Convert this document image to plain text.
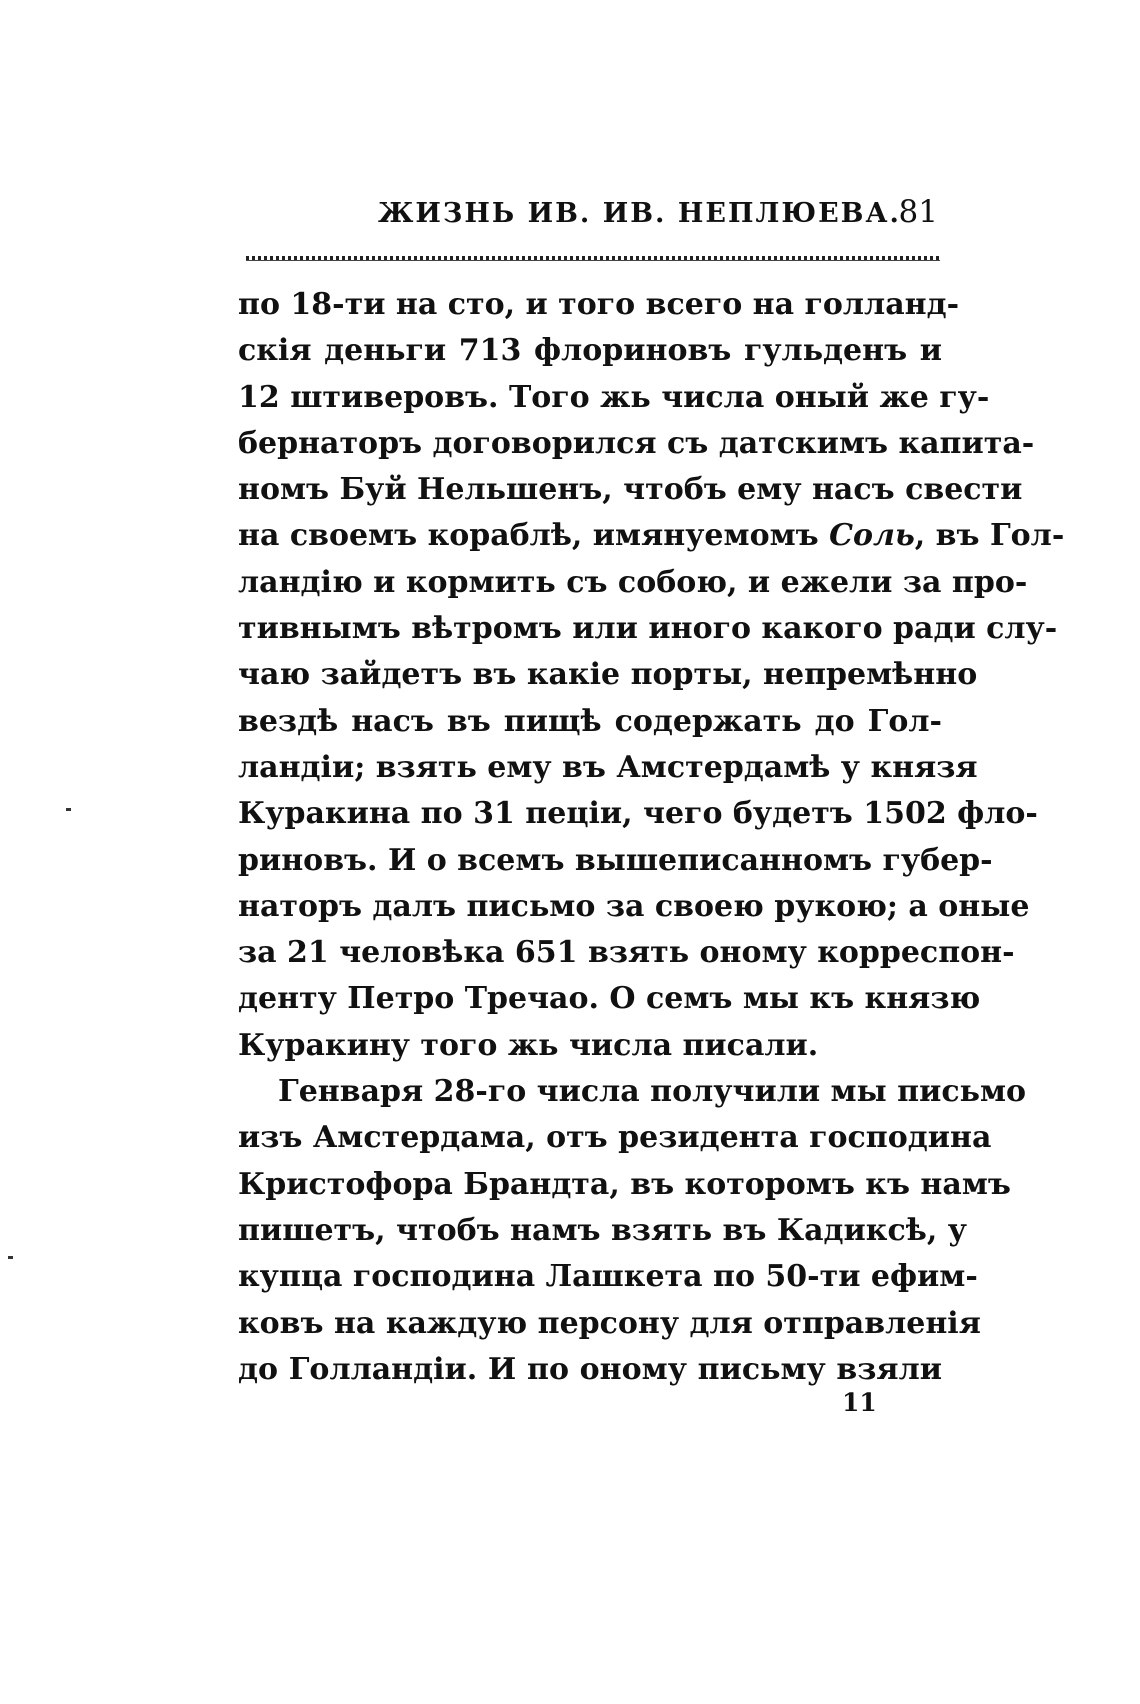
ЖИЗНЬ ИВ. ИВ. НЕПЛЮЕВА.
81
по 18-ти на сто, и того всего на голланд-
скія деньги 713 флориновъ гульденъ и
12 штиверовъ. Того жь числа оный же гу-
бернаторъ договорился съ датскимъ капита-
номъ Буй Нельшенъ, чтобъ ему насъ свести
на своемъ кораблѣ, имянуемомъ Соль, въ Гол-
ландію и кормить съ собою, и ежели за про-
тивнымъ вѣтромъ или иного какого ради слу-
чаю зайдетъ въ какіе порты, непремѣнно
вездѣ насъ въ пищѣ содержать до Гол-
ландіи; взять ему въ Амстердамѣ у князя
Куракина по 31 пеціи, чего будетъ 1502 фло-
риновъ. И о всемъ вышеписанномъ губер-
наторъ далъ письмо за своею рукою; а оные
за 21 человѣка 651 взять оному корреспон-
денту Петро Тречао. О семъ мы къ князю
Куракину того жь числа писали.
Генваря 28-го числа получили мы письмо
изъ Амстердама, отъ резидента господина
Кристофора Брандта, въ которомъ къ намъ
пишетъ, чтобъ намъ взять въ Кадиксѣ, у
купца господина Лашкета по 50-ти ефим-
ковъ на каждую персону для отправленія
до Голландіи. И по оному письму взяли
11
